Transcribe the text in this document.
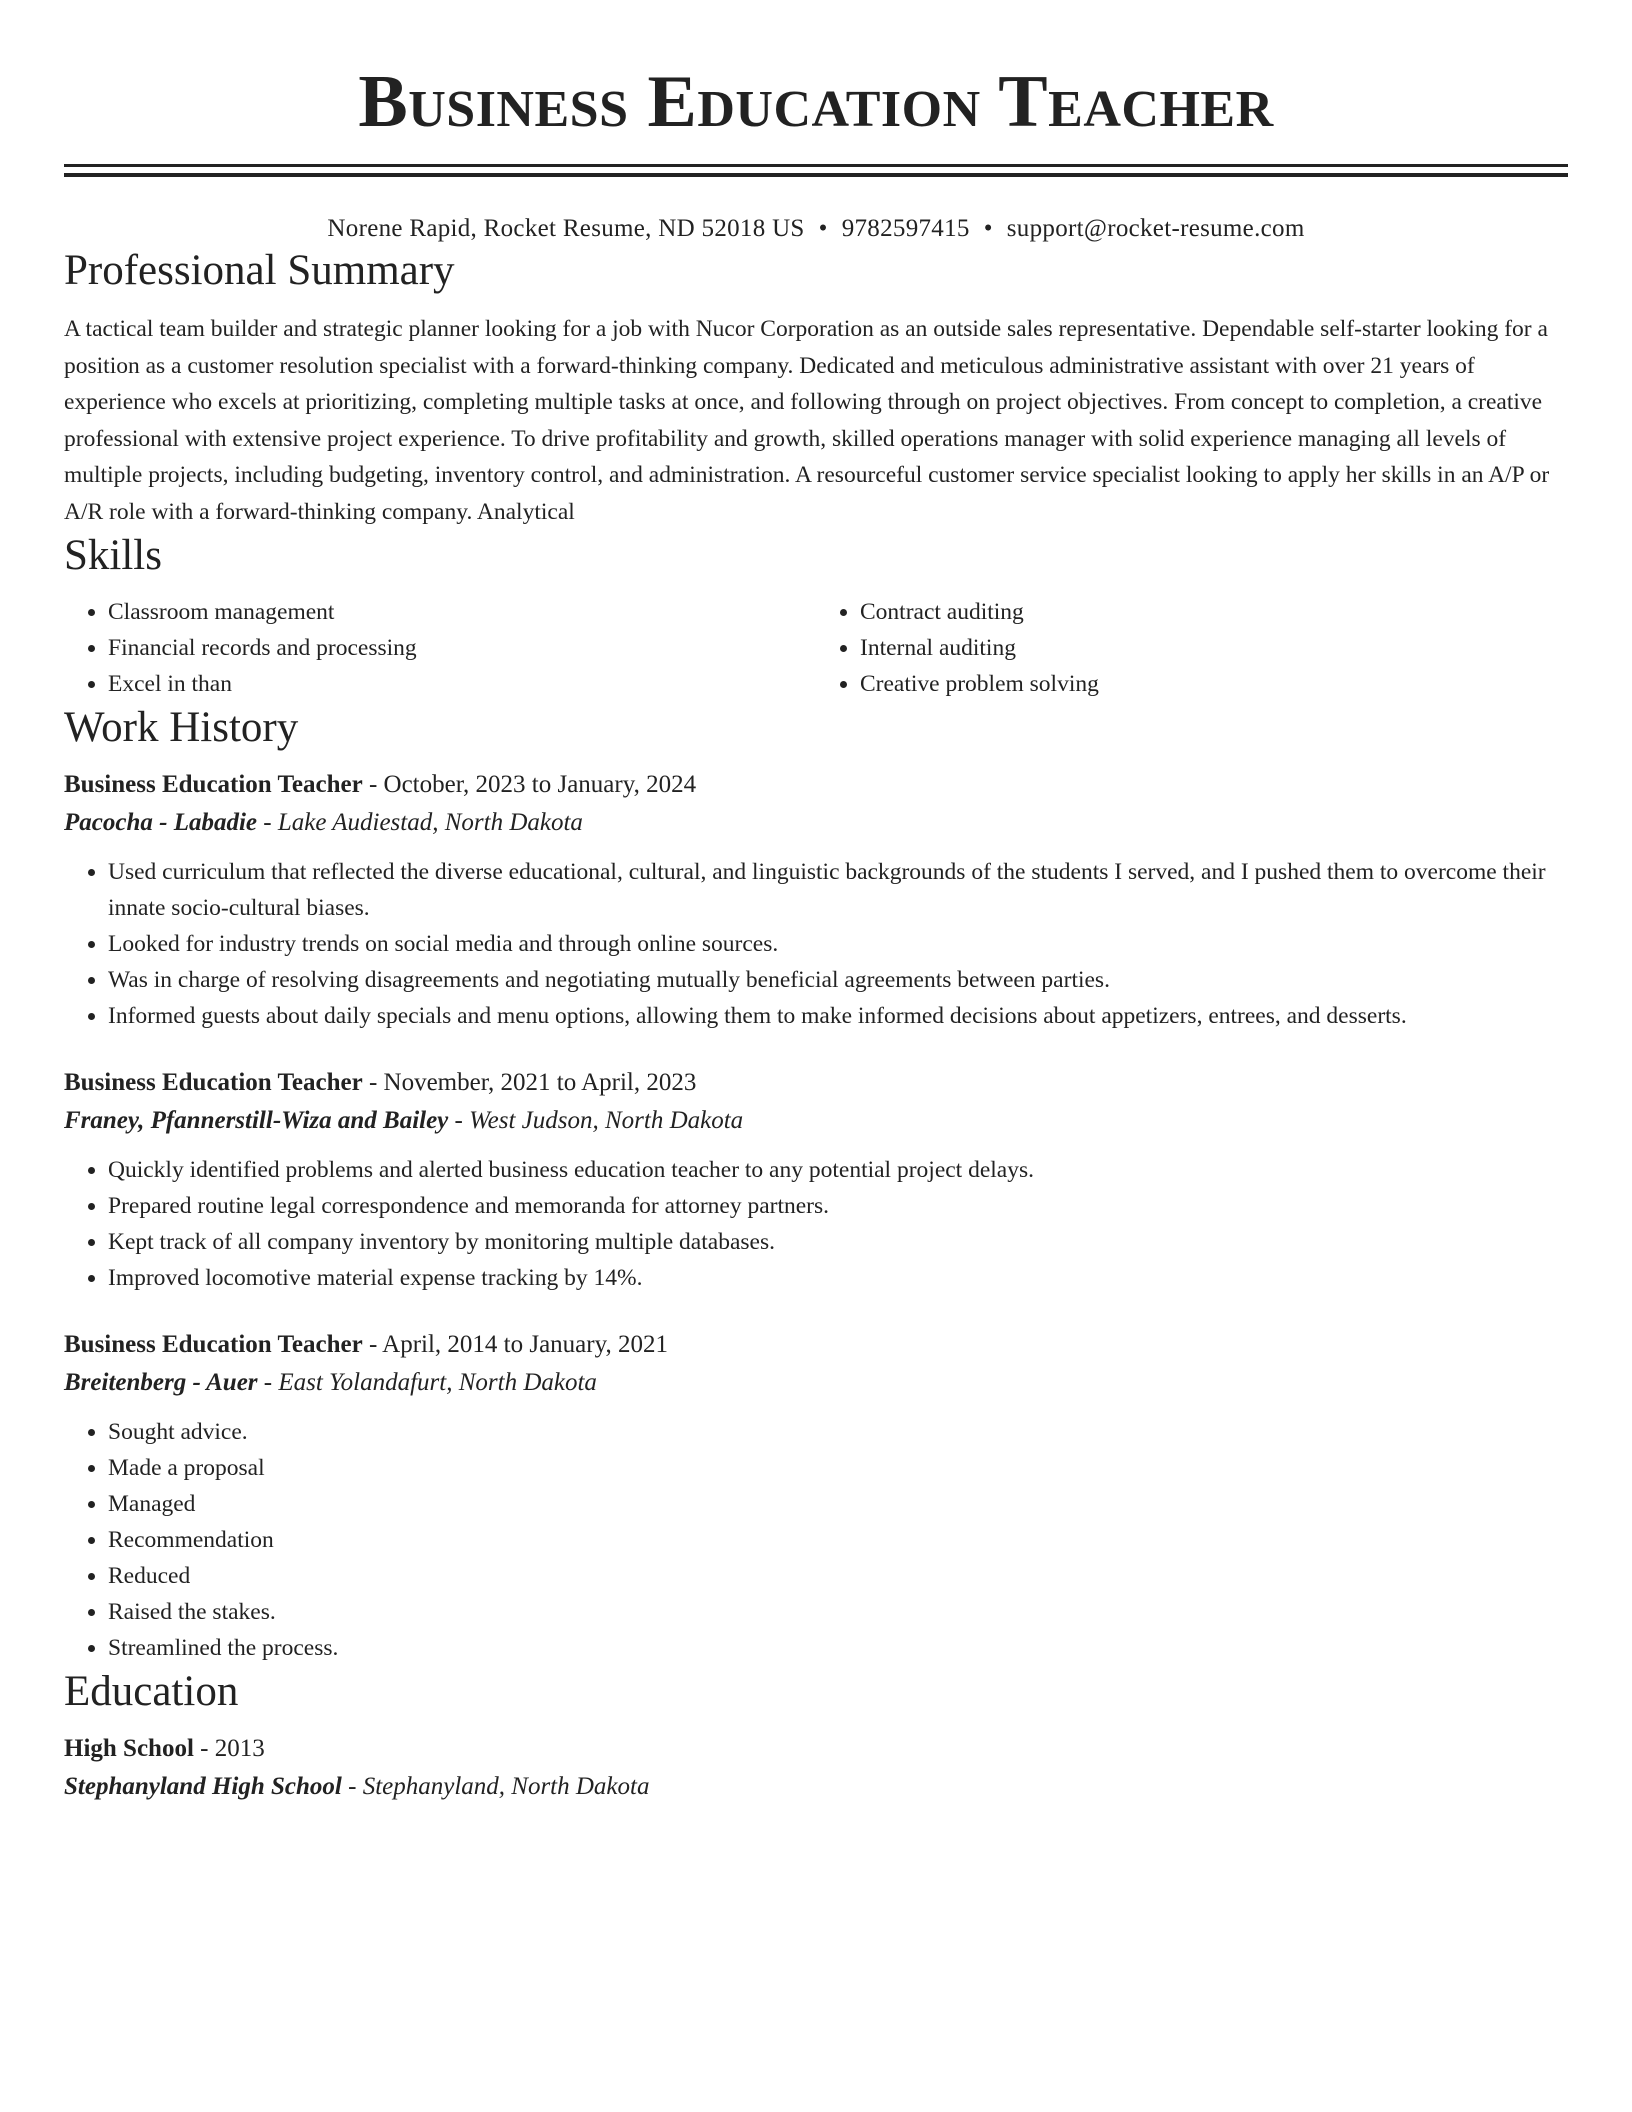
Business Education Teacher
Norene Rapid, Rocket Resume, ND 52018 US • 9782597415 • support@rocket-resume.com
Professional Summary

A tactical team builder and strategic planner looking for a job with Nucor Corporation as an outside sales representative. Dependable self-starter looking for a position as a customer resolution specialist with a forward-thinking company. Dedicated and meticulous administrative assistant with over 21 years of experience who excels at prioritizing, completing multiple tasks at once, and following through on project objectives. From concept to completion, a creative professional with extensive project experience. To drive profitability and growth, skilled operations manager with solid experience managing all levels of multiple projects, including budgeting, inventory control, and administration. A resourceful customer service specialist looking to apply her skills in an A/P or A/R role with a forward-thinking company. Analytical

Skills
• Classroom management
• Financial records and processing
• Excel in than
• Contract auditing
• Internal auditing
• Creative problem solving
Work History
Business Education Teacher - October, 2023 to January, 2024
Pacocha - Labadie - Lake Audiestad, North Dakota
• Used curriculum that reflected the diverse educational, cultural, and linguistic backgrounds of the students I served, and I pushed them to overcome their innate socio-cultural biases.
• Looked for industry trends on social media and through online sources.
• Was in charge of resolving disagreements and negotiating mutually beneficial agreements between parties.
• Informed guests about daily specials and menu options, allowing them to make informed decisions about appetizers, entrees, and desserts.
Business Education Teacher - November, 2021 to April, 2023
Franey, Pfannerstill-Wiza and Bailey - West Judson, North Dakota
• Quickly identified problems and alerted business education teacher to any potential project delays.
• Prepared routine legal correspondence and memoranda for attorney partners.
• Kept track of all company inventory by monitoring multiple databases.
• Improved locomotive material expense tracking by 14%.
Business Education Teacher - April, 2014 to January, 2021
Breitenberg - Auer - East Yolandafurt, North Dakota
• Sought advice.
• Made a proposal
• Managed
• Recommendation
• Reduced
• Raised the stakes.
• Streamlined the process.
Education
High School - 2013
Stephanyland High School - Stephanyland, North Dakota
